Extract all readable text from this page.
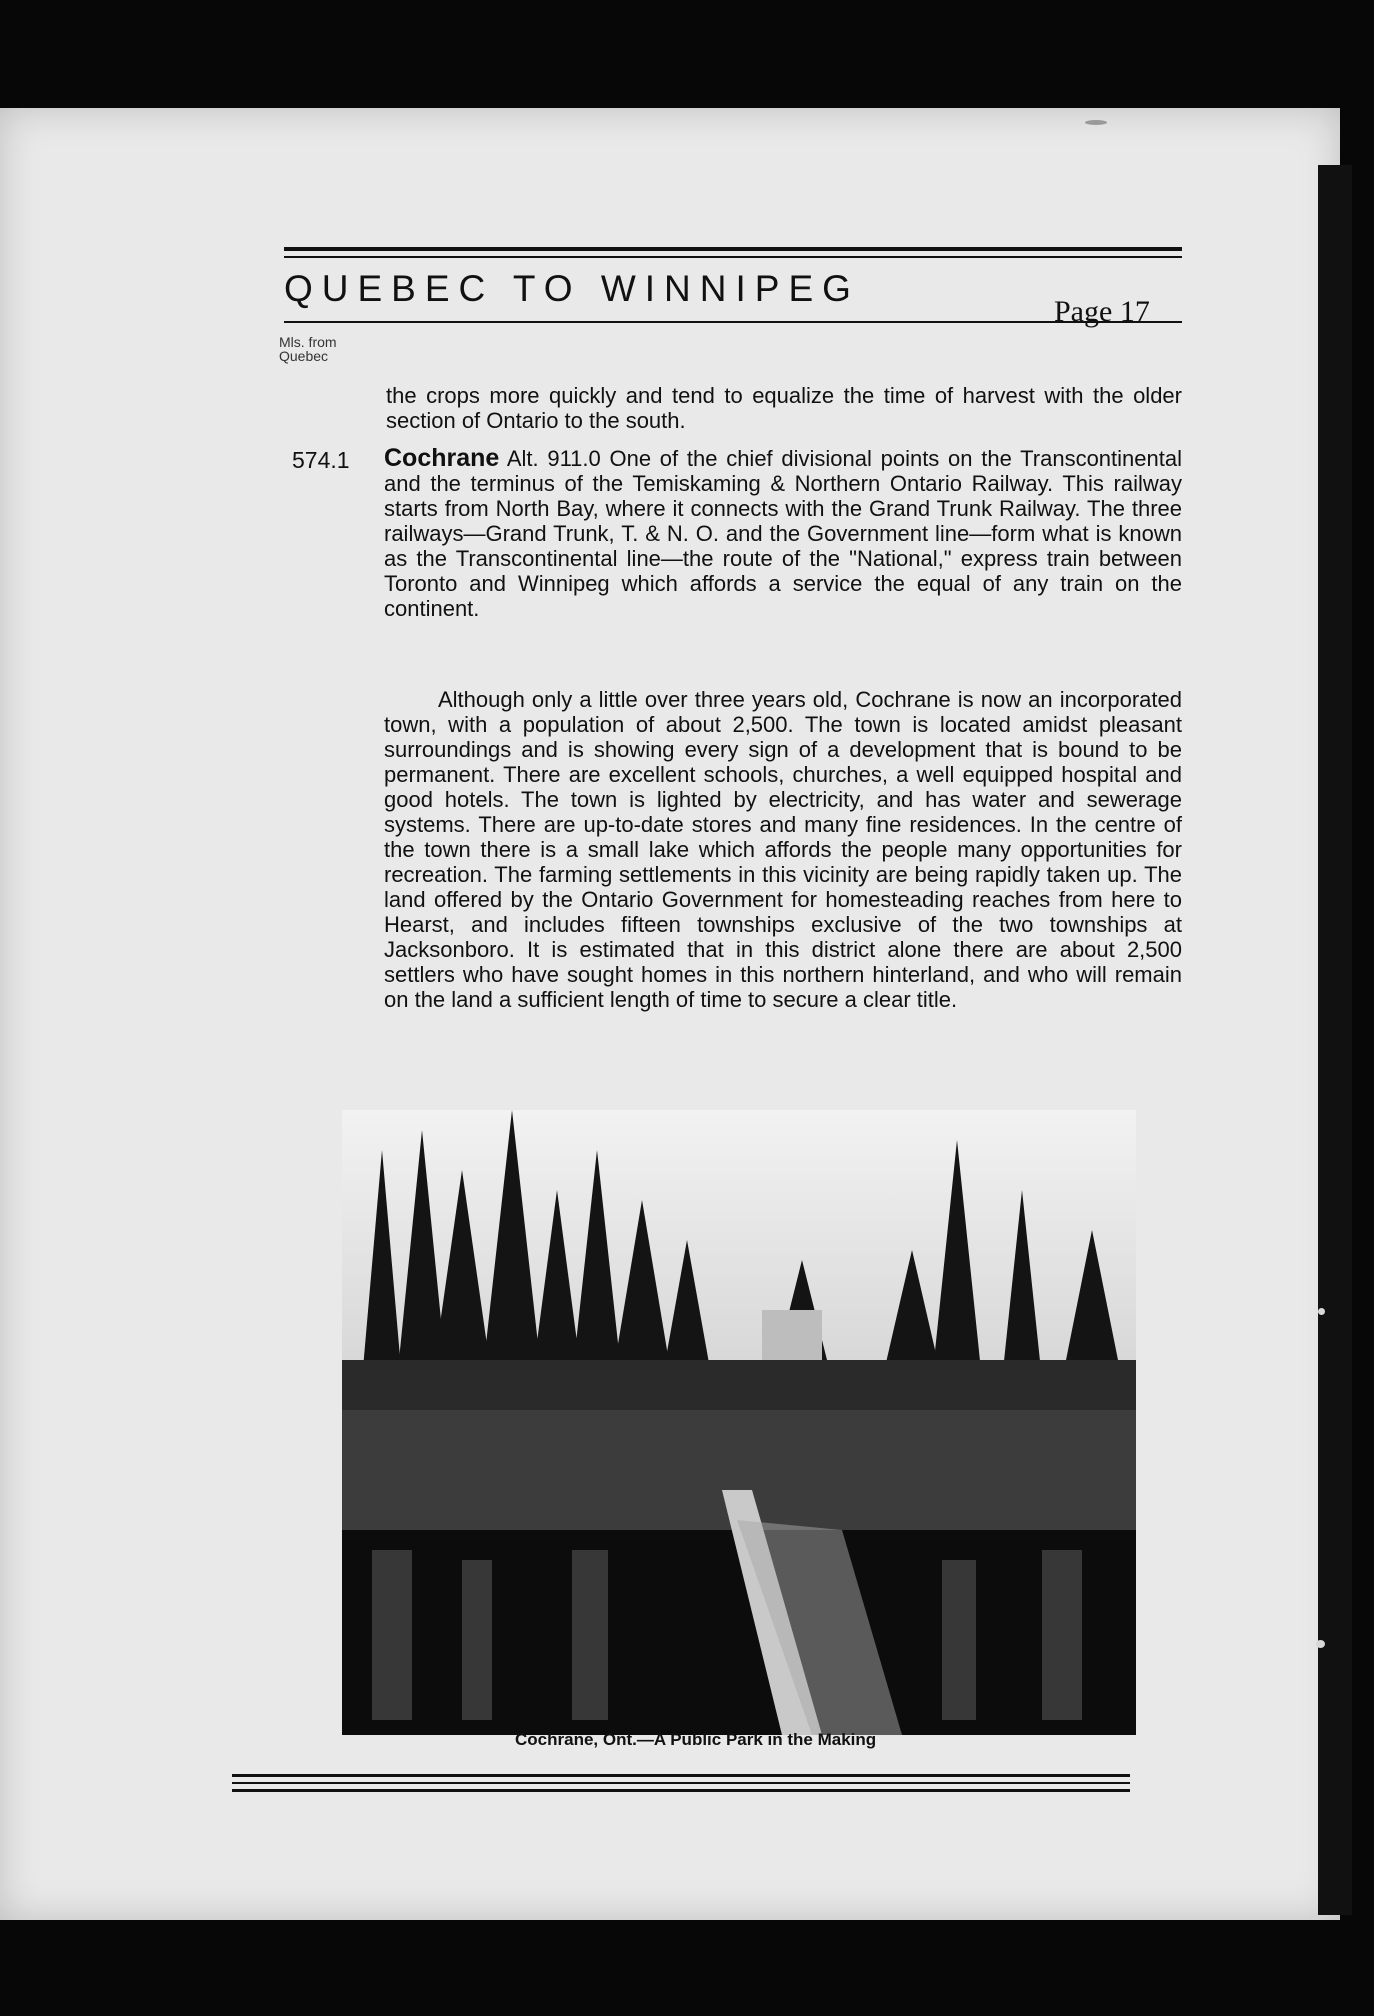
QUEBEC TO WINNIPEG
Page 17
Mls. from Quebec
the crops more quickly and tend to equalize the time of harvest with the older section of Ontario to the south.
574.1 Cochrane Alt. 911.0 One of the chief divisional points on the Transcontinental and the terminus of the Temiskaming & Northern Ontario Railway. This railway starts from North Bay, where it connects with the Grand Trunk Railway. The three railways—Grand Trunk, T. & N. O. and the Government line—form what is known as the Transcontinental line—the route of the "National," express train between Toronto and Winnipeg which affords a service the equal of any train on the continent.
Although only a little over three years old, Cochrane is now an incorporated town, with a population of about 2,500. The town is located amidst pleasant surroundings and is showing every sign of a development that is bound to be permanent. There are excellent schools, churches, a well equipped hospital and good hotels. The town is lighted by electricity, and has water and sewerage systems. There are up-to-date stores and many fine residences. In the centre of the town there is a small lake which affords the people many opportunities for recreation. The farming settlements in this vicinity are being rapidly taken up. The land offered by the Ontario Government for homesteading reaches from here to Hearst, and includes fifteen townships exclusive of the two townships at Jacksonboro. It is estimated that in this district alone there are about 2,500 settlers who have sought homes in this northern hinterland, and who will remain on the land a sufficient length of time to secure a clear title.
Cochrane, Ont.—A Public Park in the Making
